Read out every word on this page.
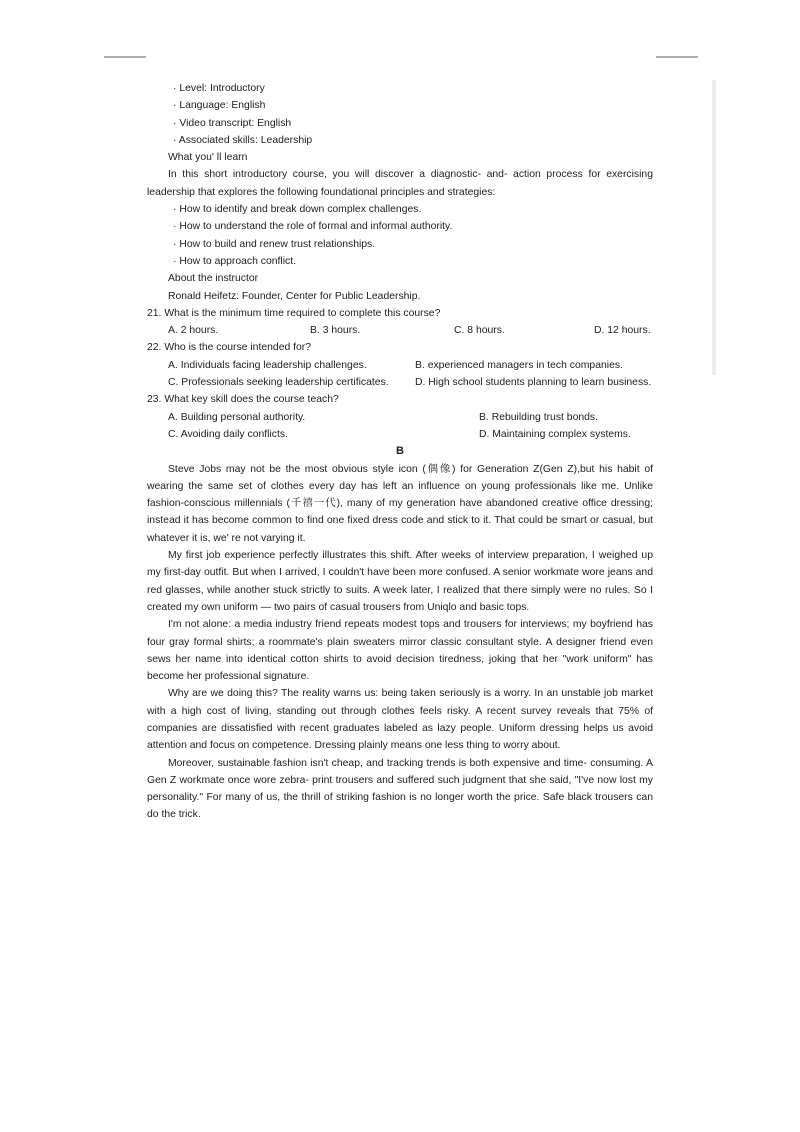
· Level: Introductory
· Language: English
· Video transcript: English
· Associated skills: Leadership
What you' ll learn

In this short introductory course, you will discover a diagnostic- and- action process for exercising leadership that explores the following foundational principles and strategies:

· How to identify and break down complex challenges.
· How to understand the role of formal and informal authority.
· How to build and renew trust relationships.
· How to approach conflict.
About the instructor
Ronald Heifetz: Founder, Center for Public Leadership.
21. What is the minimum time required to complete this course?
A. 2 hours.	B. 3 hours.	C. 8 hours.	D. 12 hours.
22. Who is the course intended for?
A. Individuals facing leadership challenges.	B. experienced managers in tech companies.
C. Professionals seeking leadership certificates.	D. High school students planning to learn business.
23. What key skill does the course teach?
A. Building personal authority.	B. Rebuilding trust bonds.
C. Avoiding daily conflicts.	D. Maintaining complex systems.
B

Steve Jobs may not be the most obvious style icon (偶像) for Generation Z(Gen Z),but his habit of wearing the same set of clothes every day has left an influence on young professionals like me. Unlike fashion-conscious millennials (千禧一代), many of my generation have abandoned creative office dressing; instead it has become common to find one fixed dress code and stick to it. That could be smart or casual, but whatever it is, we' re not varying it.

My first job experience perfectly illustrates this shift. After weeks of interview preparation, I weighed up my first-day outfit. But when I arrived, I couldn't have been more confused. A senior workmate wore jeans and red glasses, while another stuck strictly to suits. A week later, I realized that there simply were no rules. So I created my own uniform — two pairs of casual trousers from Uniqlo and basic tops.

I'm not alone: a media industry friend repeats modest tops and trousers for interviews; my boyfriend has four gray formal shirts; a roommate's plain sweaters mirror classic consultant style. A designer friend even sews her name into identical cotton shirts to avoid decision tiredness, joking that her "work uniform" has become her professional signature.

Why are we doing this? The reality warns us: being taken seriously is a worry. In an unstable job market with a high cost of living, standing out through clothes feels risky. A recent survey reveals that 75% of companies are dissatisfied with recent graduates labeled as lazy people. Uniform dressing helps us avoid attention and focus on competence. Dressing plainly means one less thing to worry about.

Moreover, sustainable fashion isn't cheap, and tracking trends is both expensive and time- consuming. A Gen Z workmate once wore zebra- print trousers and suffered such judgment that she said, "I've now lost my personality." For many of us, the thrill of striking fashion is no longer worth the price. Safe black trousers can do the trick.
